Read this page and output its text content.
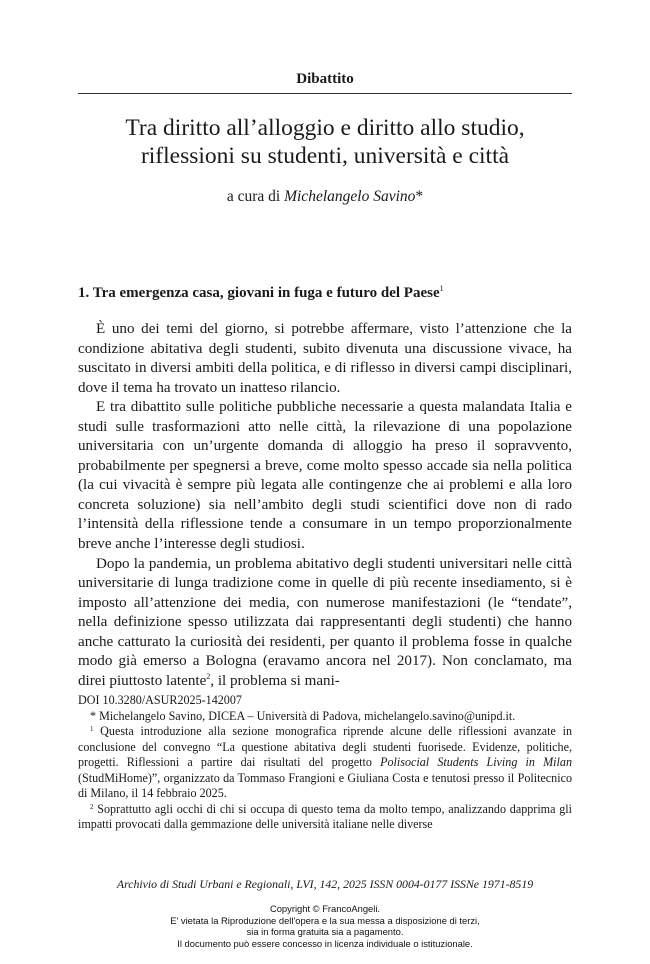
Dibattito
Tra diritto all’alloggio e diritto allo studio,
riflessioni su studenti, università e città
a cura di Michelangelo Savino*
1. Tra emergenza casa, giovani in fuga e futuro del Paese$^1$

È uno dei temi del giorno, si potrebbe affermare, visto l’attenzione che la condizione abitativa degli studenti, subito divenuta una discussione vivace, ha suscitato in diversi ambiti della politica, e di riflesso in diversi campi disciplinari, dove il tema ha trovato un inatteso rilancio.

E tra dibattito sulle politiche pubbliche necessarie a questa malandata Italia e studi sulle trasformazioni atto nelle città, la rilevazione di una popolazione universitaria con un’urgente domanda di alloggio ha preso il sopravvento, probabilmente per spegnersi a breve, come molto spesso accade sia nella politica (la cui vivacità è sempre più legata alle contingenze che ai problemi e alla loro concreta soluzione) sia nell’ambito degli studi scientifici dove non di rado l’intensità della riflessione tende a consumare in un tempo proporzionalmente breve anche l’interesse degli studiosi.

Dopo la pandemia, un problema abitativo degli studenti universitari nelle città universitarie di lunga tradizione come in quelle di più recente insediamento, si è imposto all’attenzione dei media, con numerose manifestazioni (le “tendate”, nella definizione spesso utilizzata dai rappresentanti degli studenti) che hanno anche catturato la curiosità dei residenti, per quanto il problema fosse in qualche modo già emerso a Bologna (eravamo ancora nel 2017). Non conclamato, ma direi piuttosto latente$^2$, il problema si mani-

DOI 10.3280/ASUR2025-142007

* Michelangelo Savino, DICEA – Università di Padova, michelangelo.savino@unipd.it.

$^1$ Questa introduzione alla sezione monografica riprende alcune delle riflessioni avanzate in conclusione del convegno “La questione abitativa degli studenti fuorisede. Evidenze, politiche, progetti. Riflessioni a partire dai risultati del progetto Polisocial Students Living in Milan (StudMiHome)”, organizzato da Tommaso Frangioni e Giuliana Costa e tenutosi presso il Politecnico di Milano, il 14 febbraio 2025.

$^2$ Soprattutto agli occhi di chi si occupa di questo tema da molto tempo, analizzando dapprima gli impatti provocati dalla gemmazione delle università italiane nelle diverse

Archivio di Studi Urbani e Regionali, LVI, 142, 2025 ISSN 0004-0177 ISSNe 1971-8519
Copyright © FrancoAngeli.
E' vietata la Riproduzione dell'opera e la sua messa a disposizione di terzi,
sia in forma gratuita sia a pagamento.
Il documento può essere concesso in licenza individuale o istituzionale.
